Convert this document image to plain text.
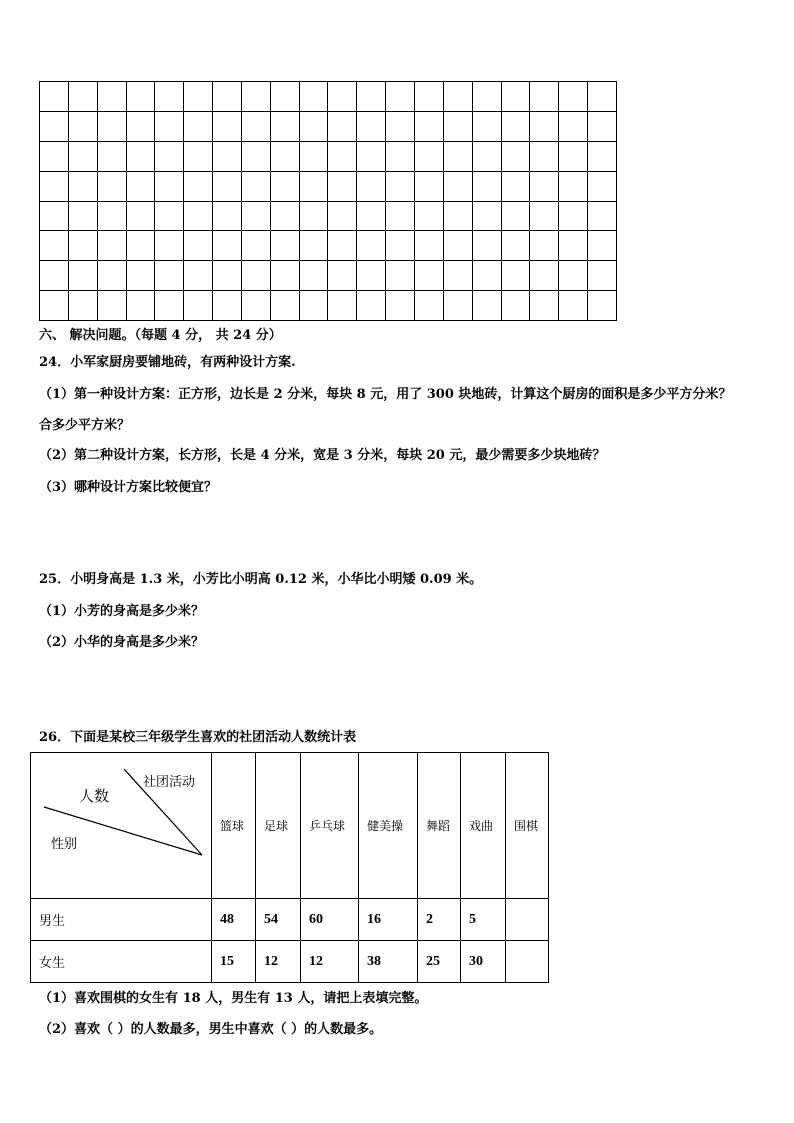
六、 解决问题。（每题 4 分， 共 24 分）
24．小军家厨房要铺地砖，有两种设计方案.
（1）第一种设计方案：正方形，边长是 2 分米，每块 8 元，用了 300 块地砖，计算这个厨房的面积是多少平方分米？
合多少平方米？
（2）第二种设计方案，长方形，长是 4 分米，宽是 3 分米，每块 20 元，最少需要多少块地砖？
（3）哪种设计方案比较便宜？
25．小明身高是 1.3 米，小芳比小明高 0.12 米，小华比小明矮 0.09 米。
（1）小芳的身高是多少米？
（2）小华的身高是多少米？
26．下面是某校三年级学生喜欢的社团活动人数统计表
社团活动
人数
性别	篮球	足球	乒乓球	健美操	舞蹈	戏曲	围棋
男生	48	54	60	16	2	5	
女生	15	12	12	38	25	30	
（1）喜欢围棋的女生有 18 人，男生有 13 人，请把上表填完整。
（2）喜欢（ ）的人数最多，男生中喜欢（ ）的人数最多。
